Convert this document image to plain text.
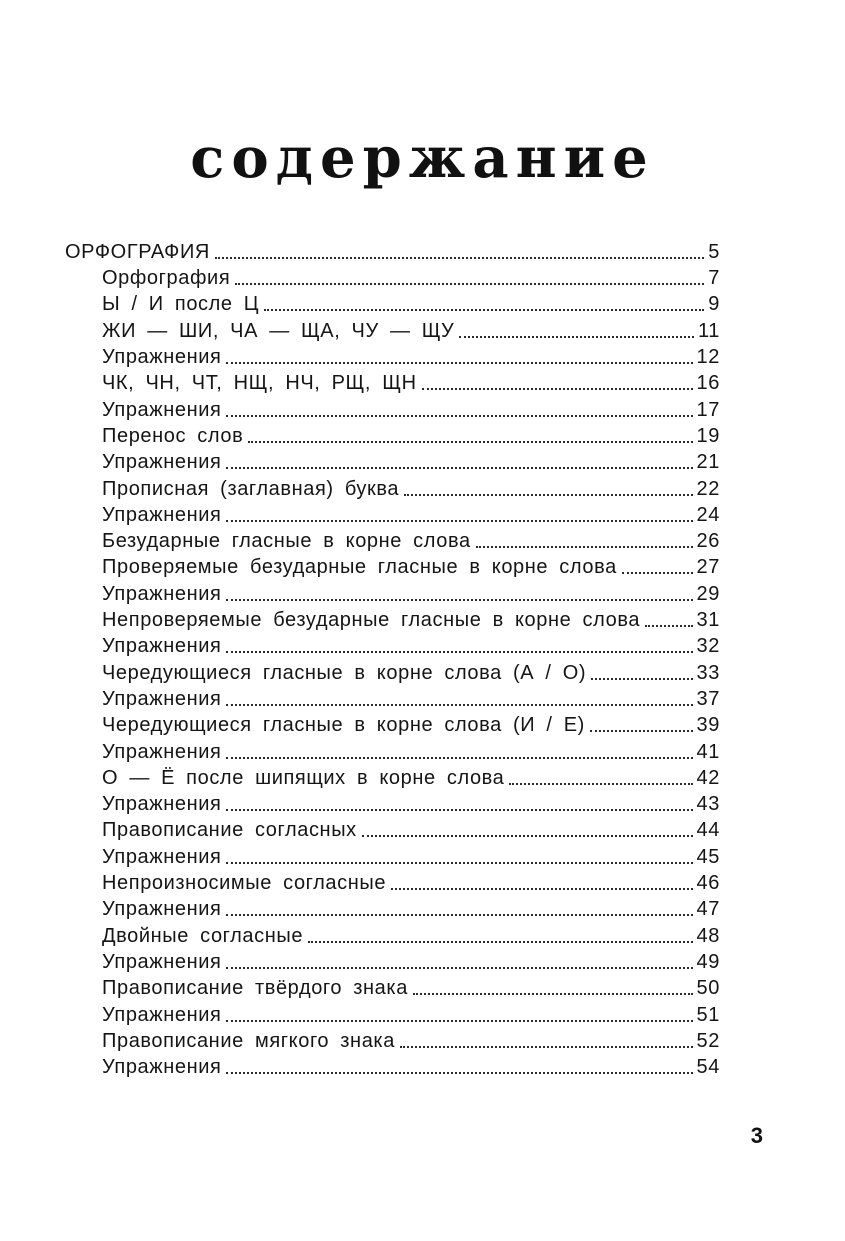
содержание
ОРФОГРАФИЯ	5
Орфография	7
Ы / И после Ц	9
ЖИ — ШИ, ЧА — ЩА, ЧУ — ЩУ	11
Упражнения	12
ЧК, ЧН, ЧТ, НЩ, НЧ, РЩ, ЩН	16
Упражнения	17
Перенос слов	19
Упражнения	21
Прописная (заглавная) буква	22
Упражнения	24
Безударные гласные в корне слова	26
Проверяемые безударные гласные в корне слова	27
Упражнения	29
Непроверяемые безударные гласные в корне слова	31
Упражнения	32
Чередующиеся гласные в корне слова (А / О)	33
Упражнения	37
Чередующиеся гласные в корне слова (И / Е)	39
Упражнения	41
О — Ё после шипящих в корне слова	42
Упражнения	43
Правописание согласных	44
Упражнения	45
Непроизносимые согласные	46
Упражнения	47
Двойные согласные	48
Упражнения	49
Правописание твёрдого знака	50
Упражнения	51
Правописание мягкого знака	52
Упражнения	54
3
